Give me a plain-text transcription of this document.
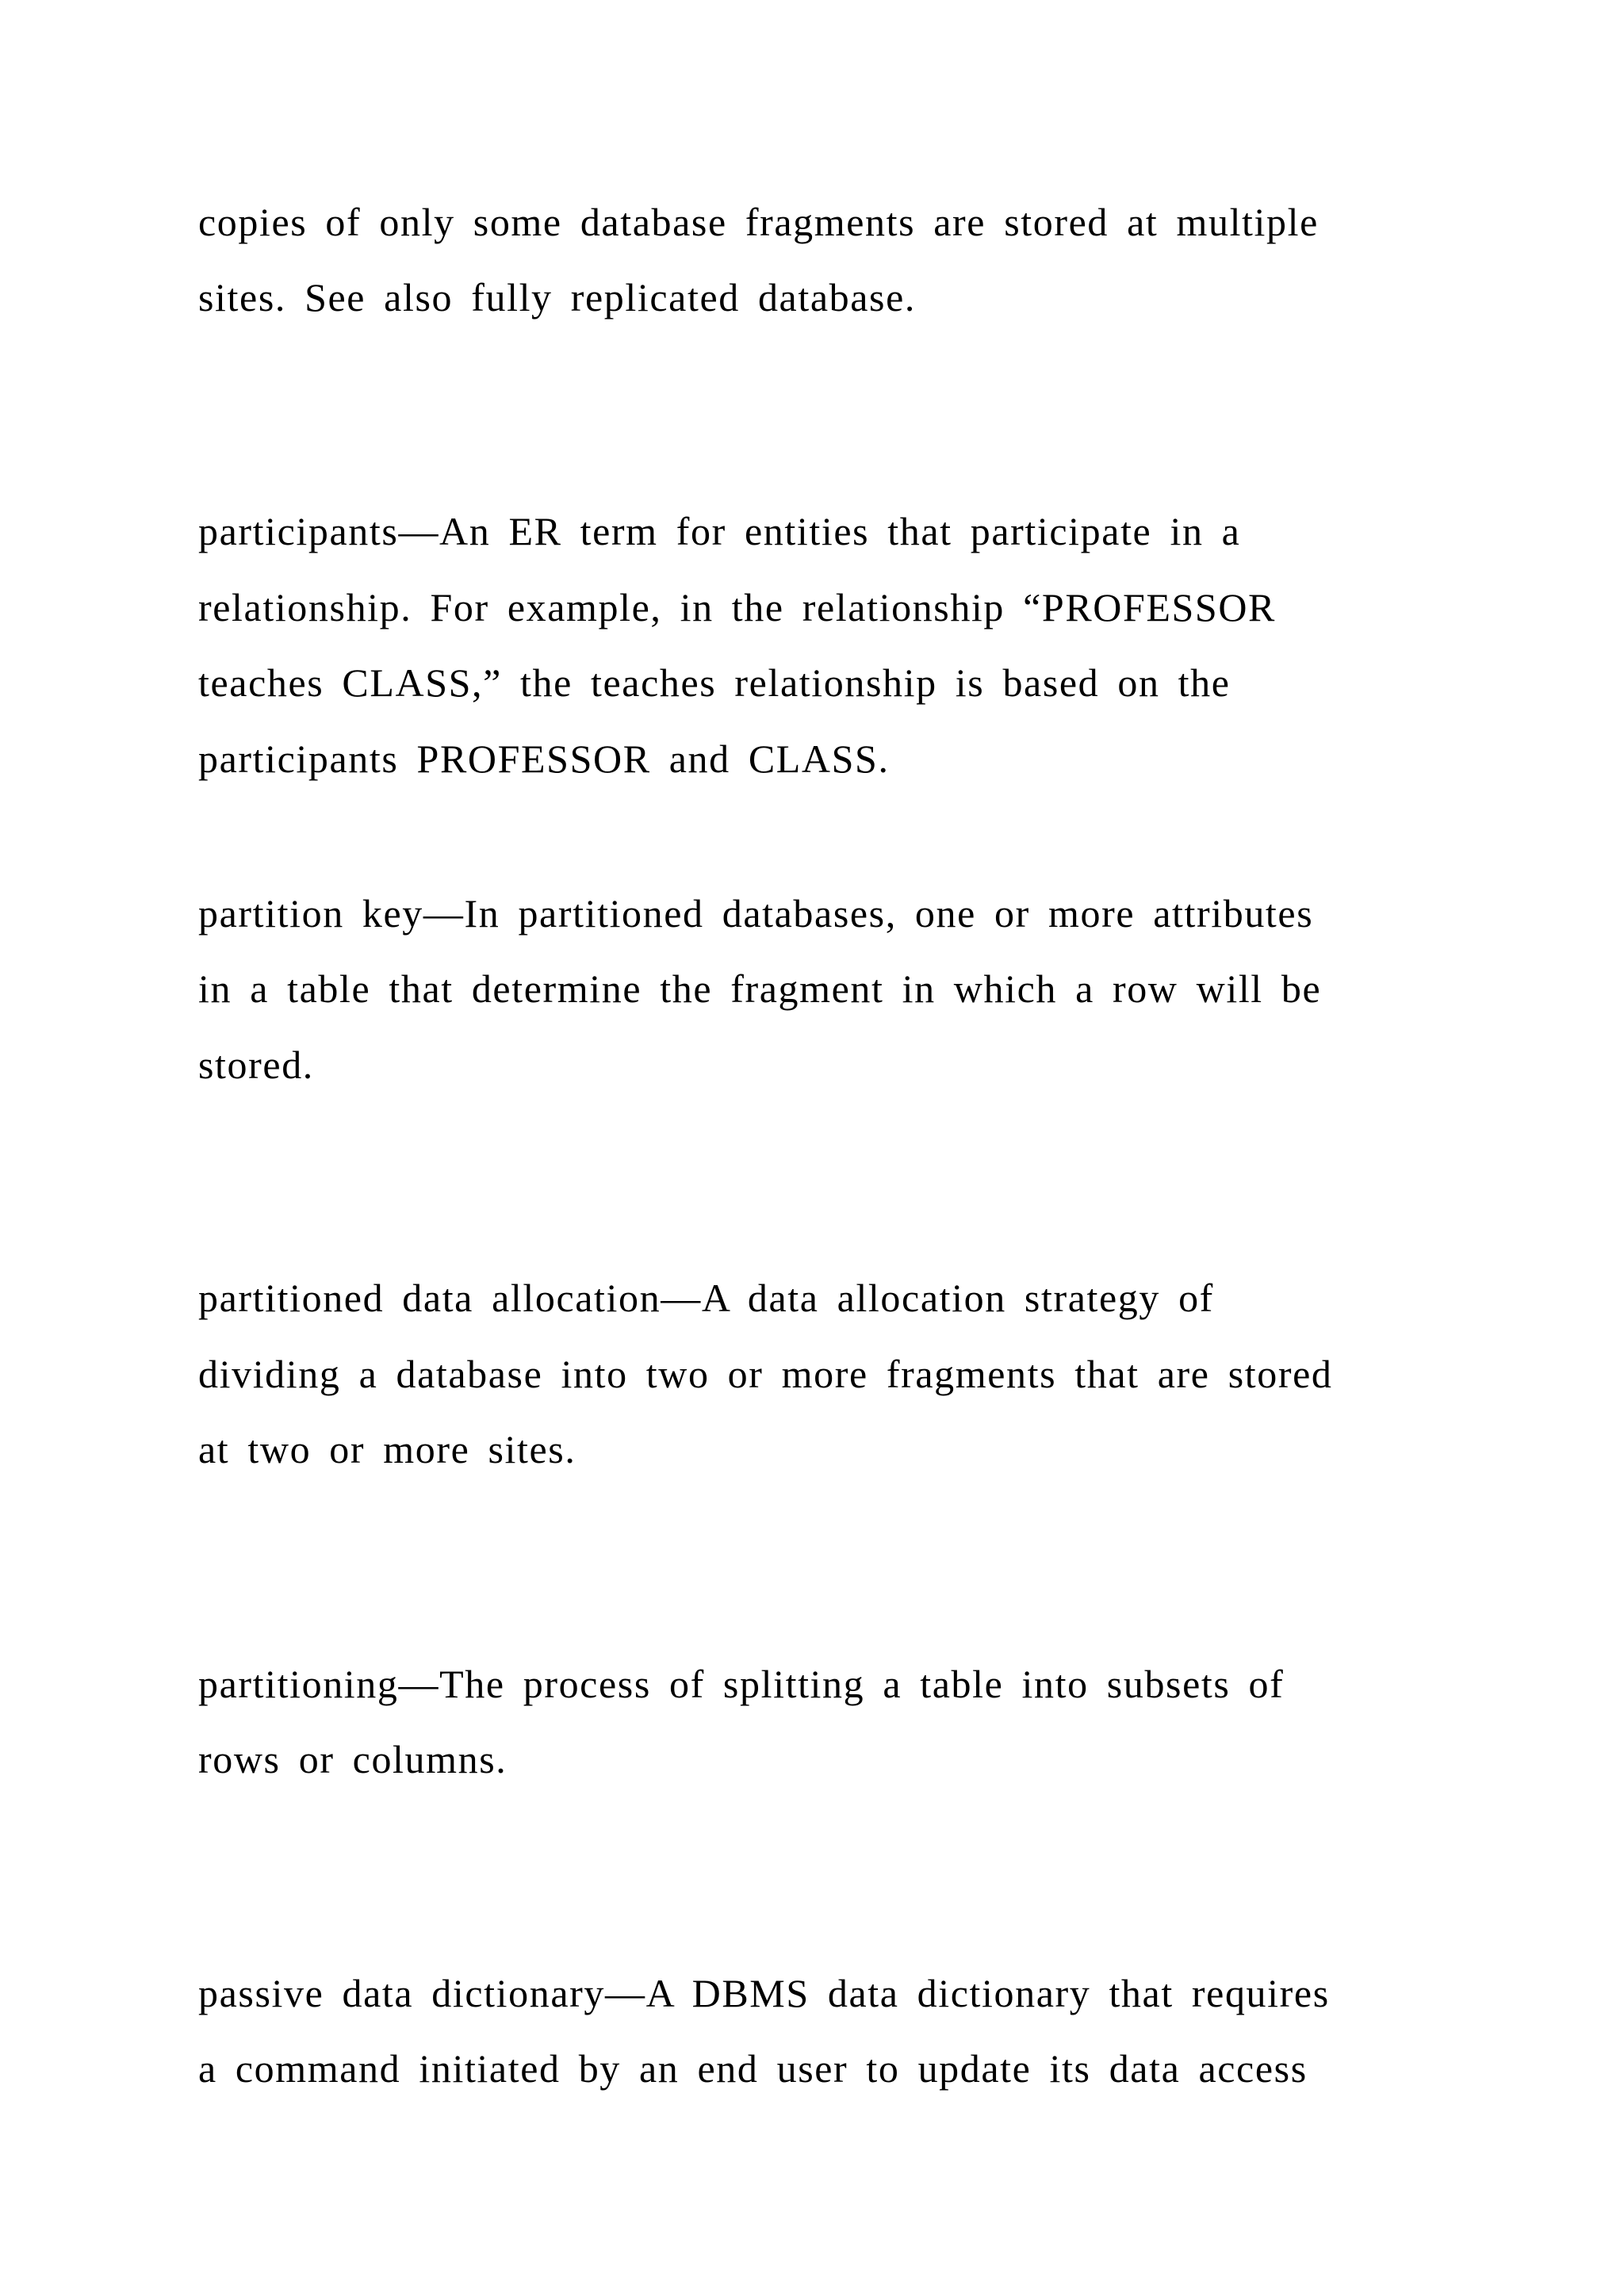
copies of only some database fragments are stored at multiple

sites. See also fully replicated database.

participants—An ER term for entities that participate in a

relationship. For example, in the relationship “PROFESSOR

teaches CLASS,” the teaches relationship is based on the

participants PROFESSOR and CLASS.

partition key—In partitioned databases, one or more attributes

in a table that determine the fragment in which a row will be

stored.

partitioned data allocation—A data allocation strategy of

dividing a database into two or more fragments that are stored

at two or more sites.

partitioning—The process of splitting a table into subsets of

rows or columns.

passive data dictionary—A DBMS data dictionary that requires

a command initiated by an end user to update its data access
